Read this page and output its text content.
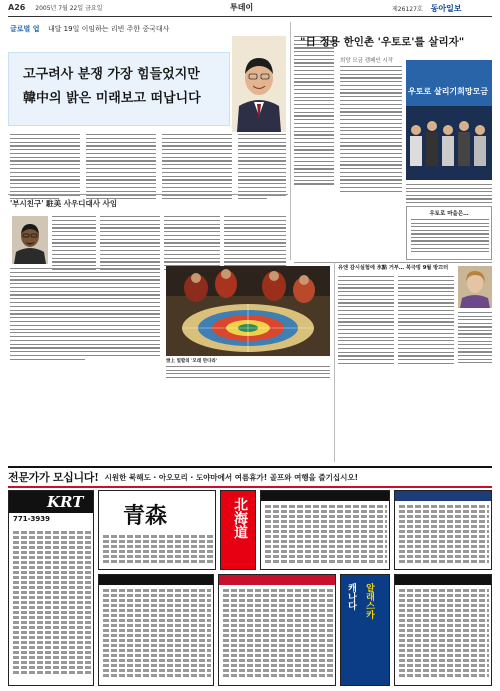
A26 2005년 7월 22일 금요일	투데이	제26127호 동아일보
글로벌 업 내달 19일 이임하는 리빈 주한 중국대사
고구려사 분쟁 가장 힘들었지만
韓中의 밝은 미래보고 떠납니다
'부시친구' 駐美 사우디대사 사임
世上 빛깔의 '모래 만다라'
"日 정용 한인촌 '우토로'를 살리자"
희망 모금 캠페인 시작
우토로 살리기희망모금
우토로 마을은…
유엔 감시실험에 氷點 거부… 북극빙 9월 방끄터
전문가가 모십니다! 시원한 북해도 · 아오모리 · 도야마에서 여름휴가! 골프와 여행을 즐기십시오!
KRT
771-3939	青森	北海道
캐나다 알래스카
